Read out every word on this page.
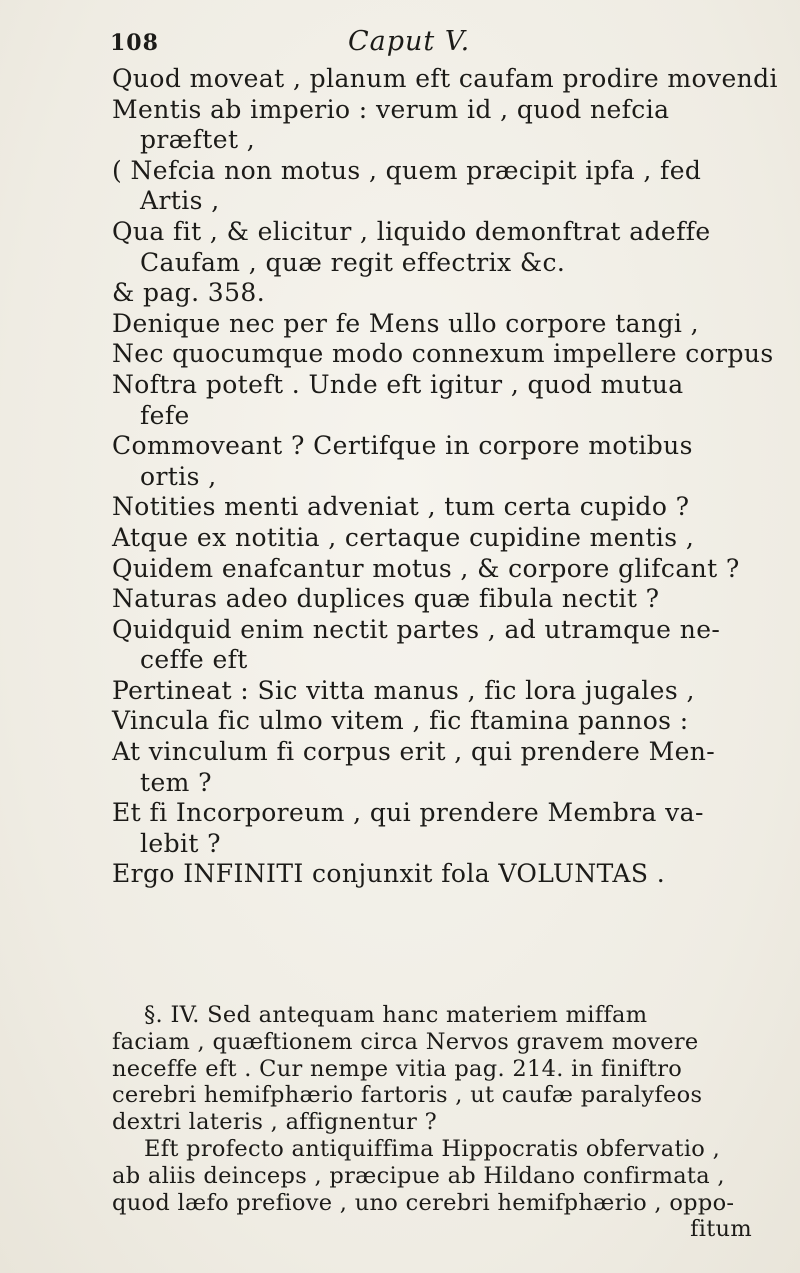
108	Caput V.
Quod moveat , planum eft caufam prodire movendi
Mentis ab imperio : verum id , quod nefcia
præftet ,
( Nefcia non motus , quem præcipit ipfa , fed
Artis ,
Qua fit , & elicitur , liquido demonftrat adeffe
Caufam , quæ regit effectrix &c.
& pag. 358.
Denique nec per fe Mens ullo corpore tangi ,
Nec quocumque modo connexum impellere corpus
Noftra poteft . Unde eft igitur , quod mutua
fefe
Commoveant ? Certifque in corpore motibus
ortis ,
Notities menti adveniat , tum certa cupido ?
Atque ex notitia , certaque cupidine mentis ,
Quidem enafcantur motus , & corpore glifcant ?
Naturas adeo duplices quæ fibula nectit ?
Quidquid enim nectit partes , ad utramque ne-
ceffe eft
Pertineat : Sic vitta manus , fic lora jugales ,
Vincula fic ulmo vitem , fic ftamina pannos :
At vinculum fi corpus erit , qui prendere Men-
tem ?
Et fi Incorporeum , qui prendere Membra va-
lebit ?
Ergo INFINITI conjunxit fola VOLUNTAS .
§. IV. Sed antequam hanc materiem miffam
faciam , quæftionem circa Nervos gravem movere
neceffe eft . Cur nempe vitia pag. 214. in finiftro
cerebri hemifphærio fartoris , ut caufæ paralyfeos
dextri lateris , affignentur ?
Eft profecto antiquiffima Hippocratis obfervatio ,
ab aliis deinceps , præcipue ab Hildano confirmata ,
quod læfo prefiove , uno cerebri hemifphærio , oppo-
fitum
